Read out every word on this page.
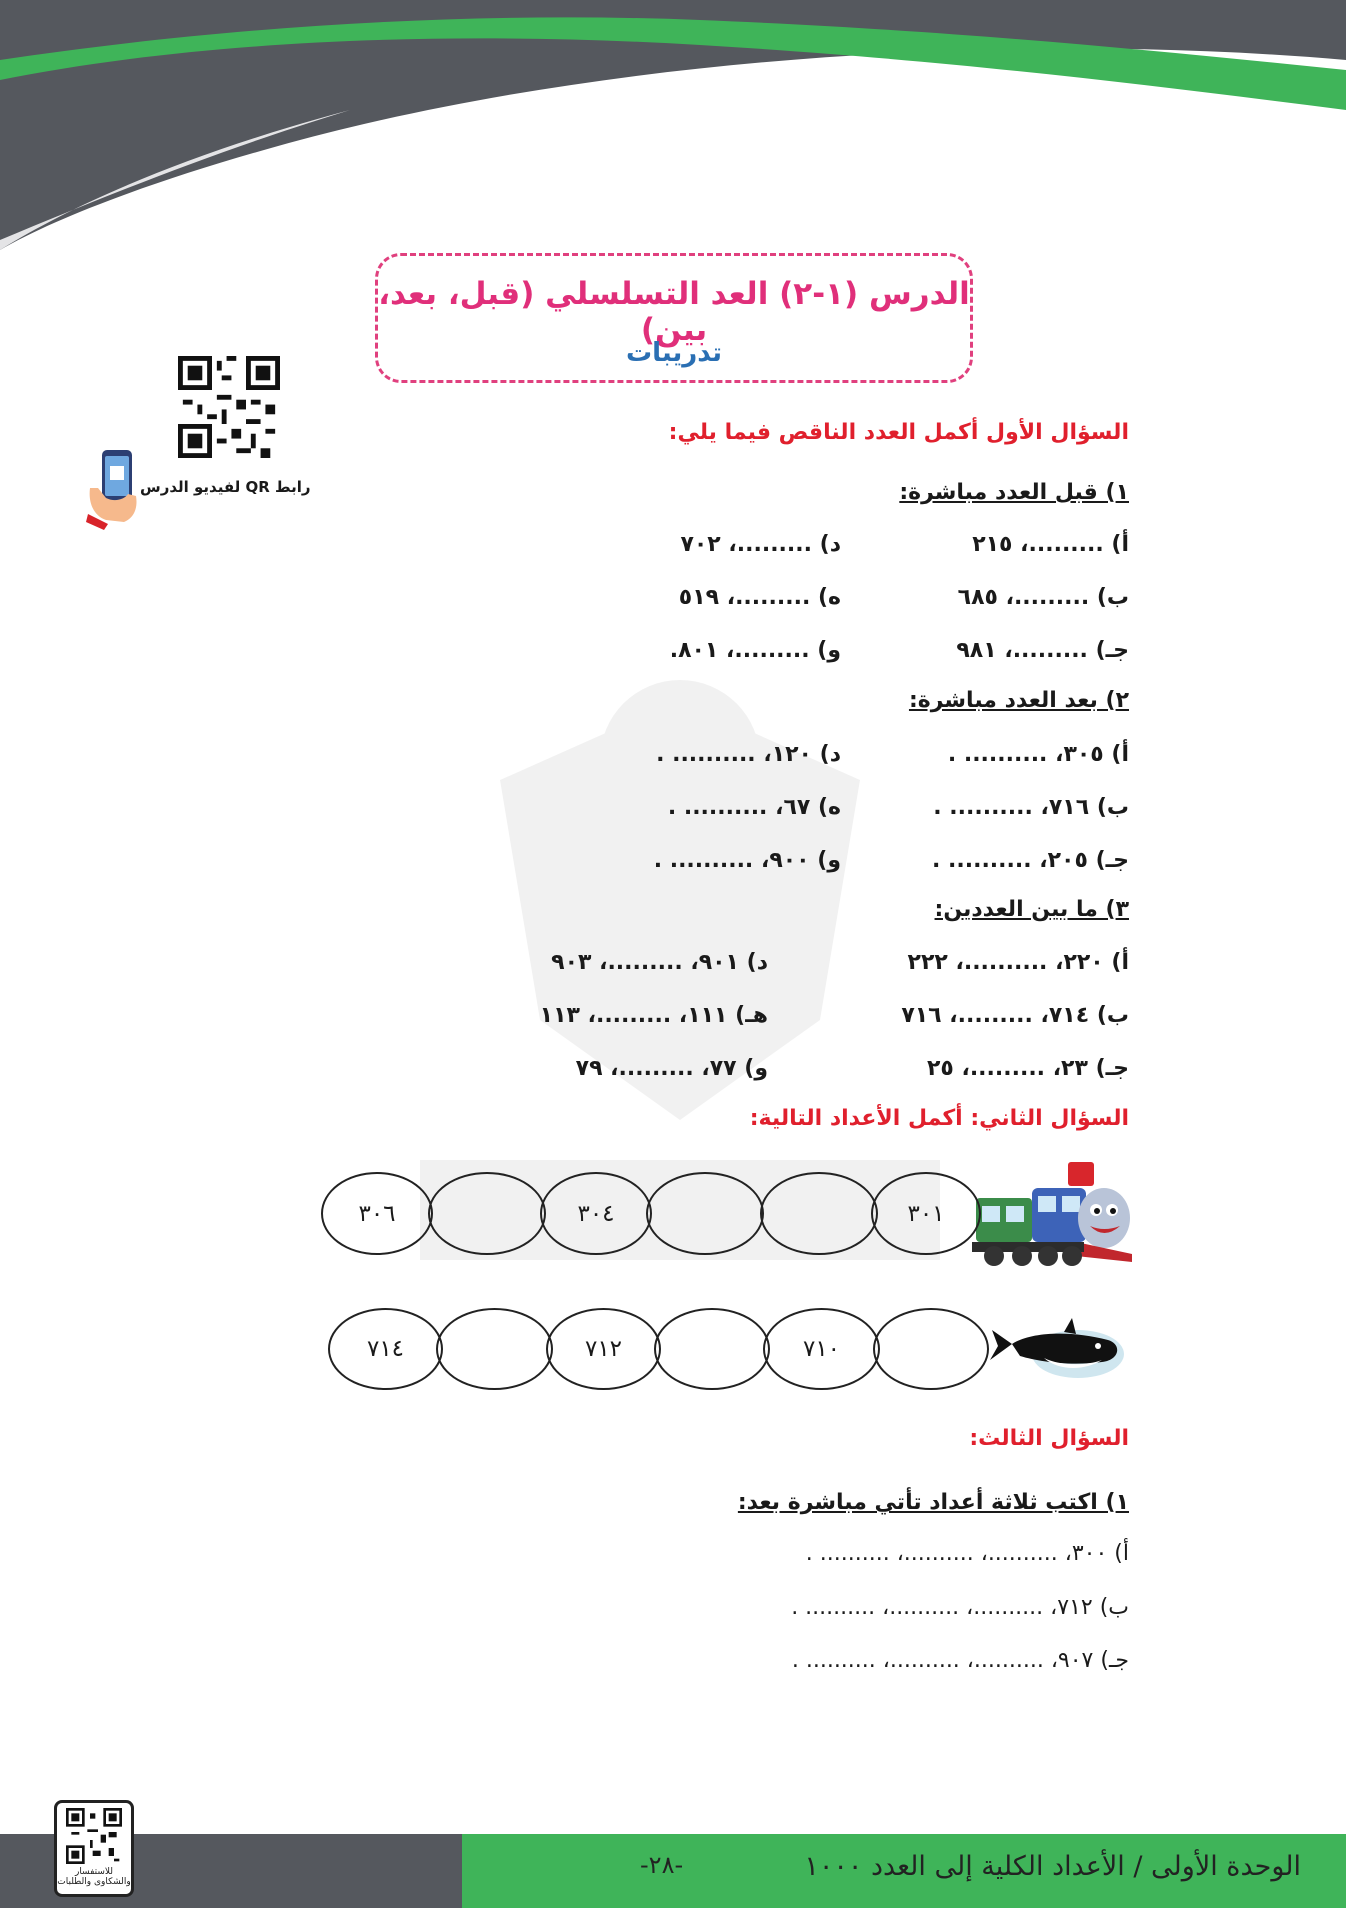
الدرس (١-٢) العد التسلسلي (قبل، بعد، بين)
تدريبات
رابط QR لفيديو الدرس
السؤال الأول أكمل العدد الناقص فيما يلي:
١) قبل العدد مباشرة:
أ) .........، ٢١٥
د) .........، ٧٠٢
ب) .........، ٦٨٥
ه) .........، ٥١٩
جـ) .........، ٩٨١
و) .........، ٨٠١.
٢) بعد العدد مباشرة:
أ) ٣٠٥، .......... .
د) ١٢٠، .......... .
ب) ٧١٦، .......... .
ه) ٦٧، .......... .
جـ) ٢٠٥، .......... .
و) ٩٠٠، .......... .
٣) ما بين العددين:
أ) ٢٢٠، ..........، ٢٢٢
د) ٩٠١، .........، ٩٠٣
ب) ٧١٤، .........، ٧١٦
هـ) ١١١، .........، ١١٣
جـ) ٢٣، .........، ٢٥
و) ٧٧، .........، ٧٩
السؤال الثاني: أكمل الأعداد التالية:
٣٠١
٣٠٤
٣٠٦
٧١٠
٧١٢
٧١٤
السؤال الثالث:
١) اكتب ثلاثة أعداد تأتي مباشرة بعد:
أ) ٣٠٠، ..........، ..........، .......... .
ب) ٧١٢، ..........، ..........، .......... .
جـ) ٩٠٧، ..........، ..........، .......... .
الوحدة الأولى / الأعداد الكلية إلى العدد ١٠٠٠
-٢٨-
للاستفسار والشكاوى والطلبات
